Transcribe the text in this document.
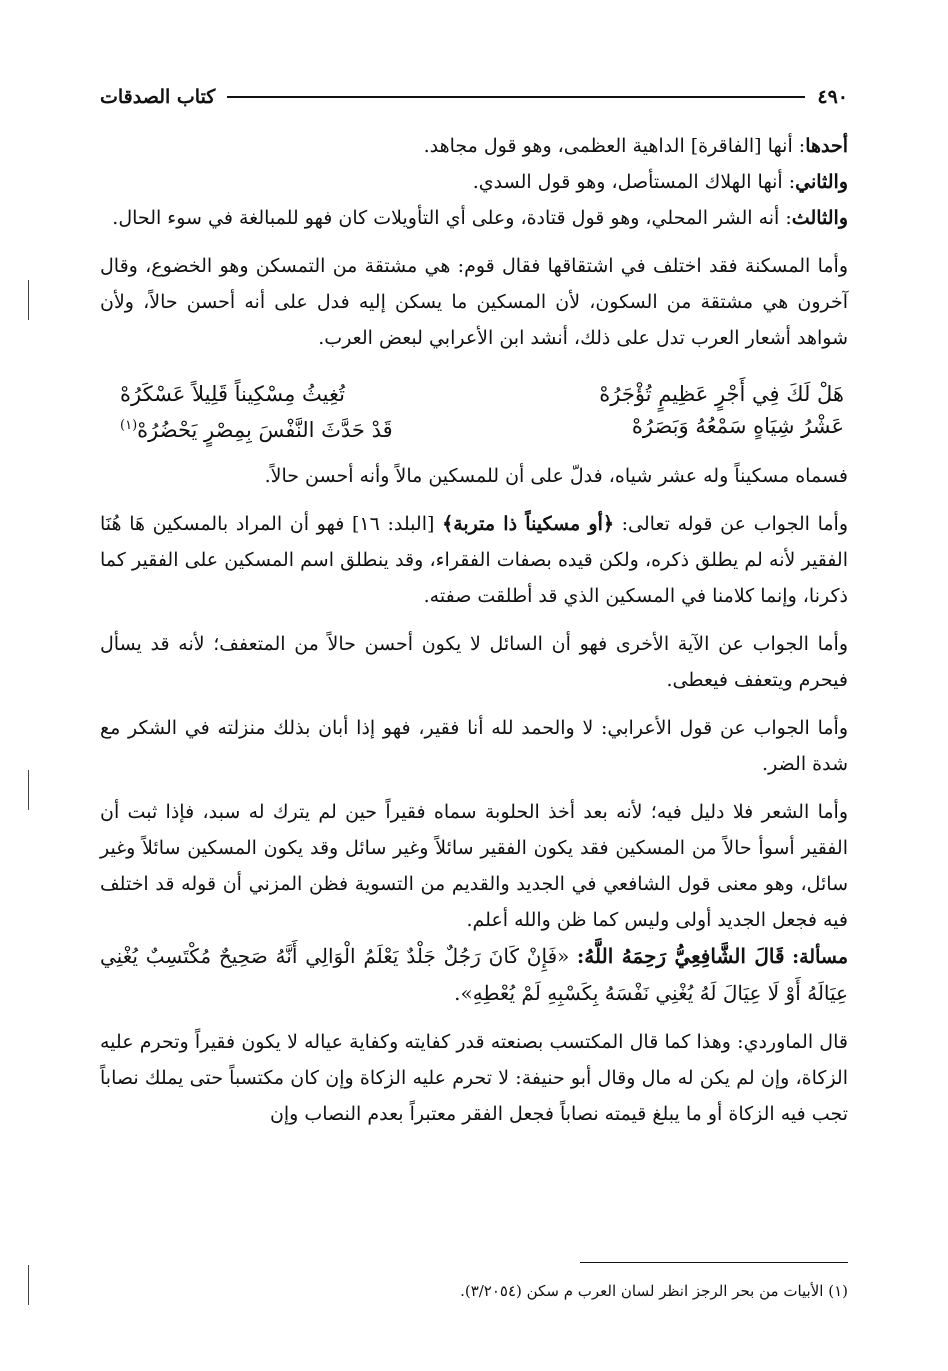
٤٩٠
كتاب الصدقات

أحدها: أنها [الفاقرة] الداهية العظمى، وهو قول مجاهد.

والثاني: أنها الهلاك المستأصل، وهو قول السدي.

والثالث: أنه الشر المحلي، وهو قول قتادة، وعلى أي التأويلات كان فهو للمبالغة في سوء الحال.

وأما المسكنة فقد اختلف في اشتقاقها فقال قوم: هي مشتقة من التمسكن وهو الخضوع، وقال آخرون هي مشتقة من السكون، لأن المسكين ما يسكن إليه فدل على أنه أحسن حالاً، ولأن شواهد أشعار العرب تدل على ذلك، أنشد ابن الأعرابي لبعض العرب.

هَلْ لَكَ فِي أَجْرٍ عَظِيمٍ تُؤْجَرُهْ
تُغِيثُ مِسْكِيناً قَلِيلاً عَسْكَرُهْ
عَشْرُ شِيَاهٍ سَمْعُهُ وَبَصَرُهْ
قَدْ حَدَّثَ النَّفْسَ بِمِصْرٍ يَحْضُرُهْ$^{(١)}$

فسماه مسكيناً وله عشر شياه، فدلّ على أن للمسكين مالاً وأنه أحسن حالاً.

وأما الجواب عن قوله تعالى: ﴿أو مسكيناً ذا متربة﴾ [البلد: ١٦] فهو أن المراد بالمسكين هَا هُنَا الفقير لأنه لم يطلق ذكره، ولكن قيده بصفات الفقراء، وقد ينطلق اسم المسكين على الفقير كما ذكرنا، وإنما كلامنا في المسكين الذي قد أطلقت صفته.

وأما الجواب عن الآية الأخرى فهو أن السائل لا يكون أحسن حالاً من المتعفف؛ لأنه قد يسأل فيحرم ويتعفف فيعطى.

وأما الجواب عن قول الأعرابي: لا والحمد لله أنا فقير، فهو إذا أبان بذلك منزلته في الشكر مع شدة الضر.

وأما الشعر فلا دليل فيه؛ لأنه بعد أخذ الحلوبة سماه فقيراً حين لم يترك له سبد، فإذا ثبت أن الفقير أسوأ حالاً من المسكين فقد يكون الفقير سائلاً وغير سائل وقد يكون المسكين سائلاً وغير سائل، وهو معنى قول الشافعي في الجديد والقديم من التسوية فظن المزني أن قوله قد اختلف فيه فجعل الجديد أولى وليس كما ظن والله أعلم.

مسألة: قَالَ الشَّافِعِيُّ رَحِمَهُ اللَّهُ: «فَإِنْ كَانَ رَجُلٌ جَلْدٌ يَعْلَمُ الْوَالِي أَنَّهُ صَحِيحٌ مُكْتَسِبٌ يُغْنِي عِيَالَهُ أَوْ لَا عِيَالَ لَهُ يُغْنِي نَفْسَهُ بِكَسْبِهِ لَمْ يُعْطِهِ».

قال الماوردي: وهذا كما قال المكتسب بصنعته قدر كفايته وكفاية عياله لا يكون فقيراً وتحرم عليه الزكاة، وإن لم يكن له مال وقال أبو حنيفة: لا تحرم عليه الزكاة وإن كان مكتسباً حتى يملك نصاباً تجب فيه الزكاة أو ما يبلغ قيمته نصاباً فجعل الفقر معتبراً بعدم النصاب وإن

(١) الأبيات من بحر الرجز انظر لسان العرب م سكن (٣/٢٠٥٤).
